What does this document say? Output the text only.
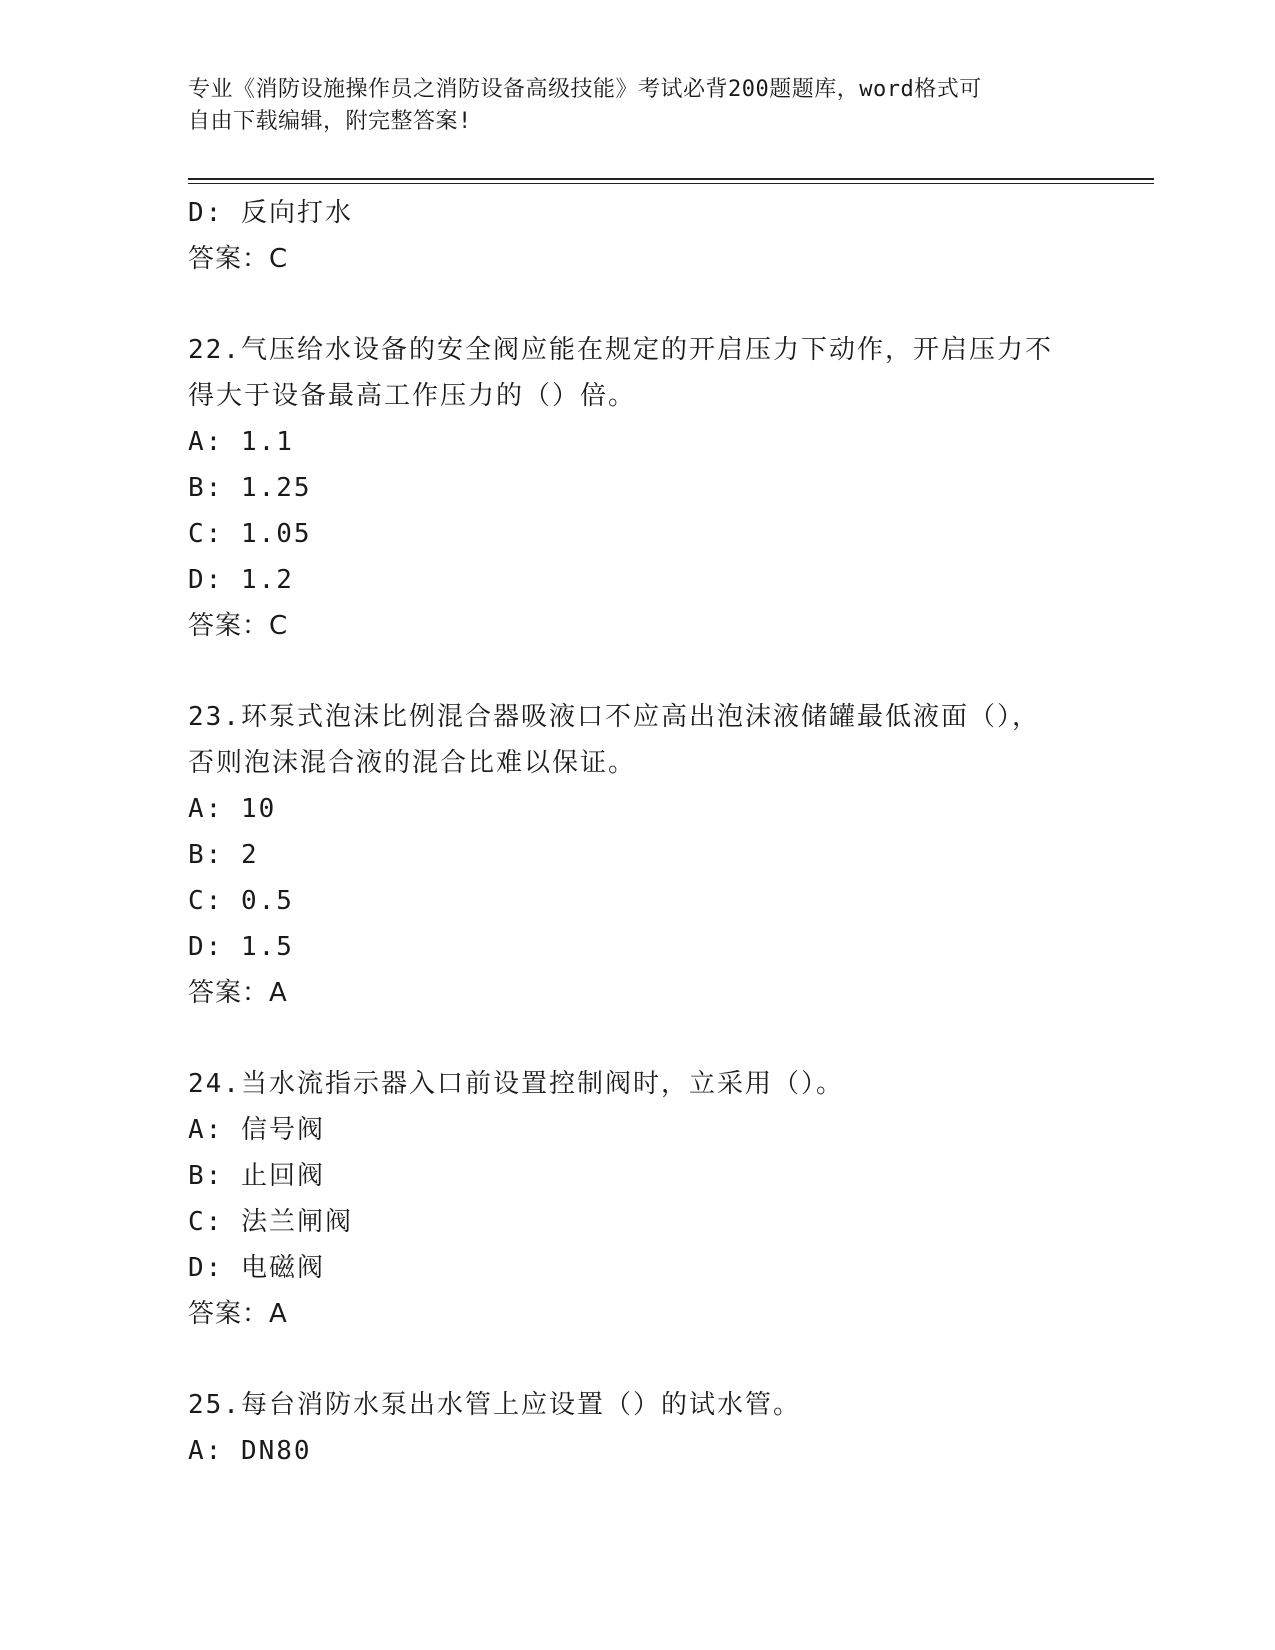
专业《消防设施操作员之消防设备高级技能》考试必背200题题库，word格式可
自由下载编辑，附完整答案!
D: 反向打水
答案：C
22.气压给水设备的安全阀应能在规定的开启压力下动作，开启压力不
得大于设备最高工作压力的（）倍。
A: 1.1
B: 1.25
C: 1.05
D: 1.2
答案：C
23.环泵式泡沫比例混合器吸液口不应高出泡沫液储罐最低液面（），
否则泡沫混合液的混合比难以保证。
A: 10
B: 2
C: 0.5
D: 1.5
答案：A
24.当水流指示器入口前设置控制阀时，立采用（）。
A: 信号阀
B: 止回阀
C: 法兰闸阀
D: 电磁阀
答案：A
25.每台消防水泵出水管上应设置（）的试水管。
A: DN80
